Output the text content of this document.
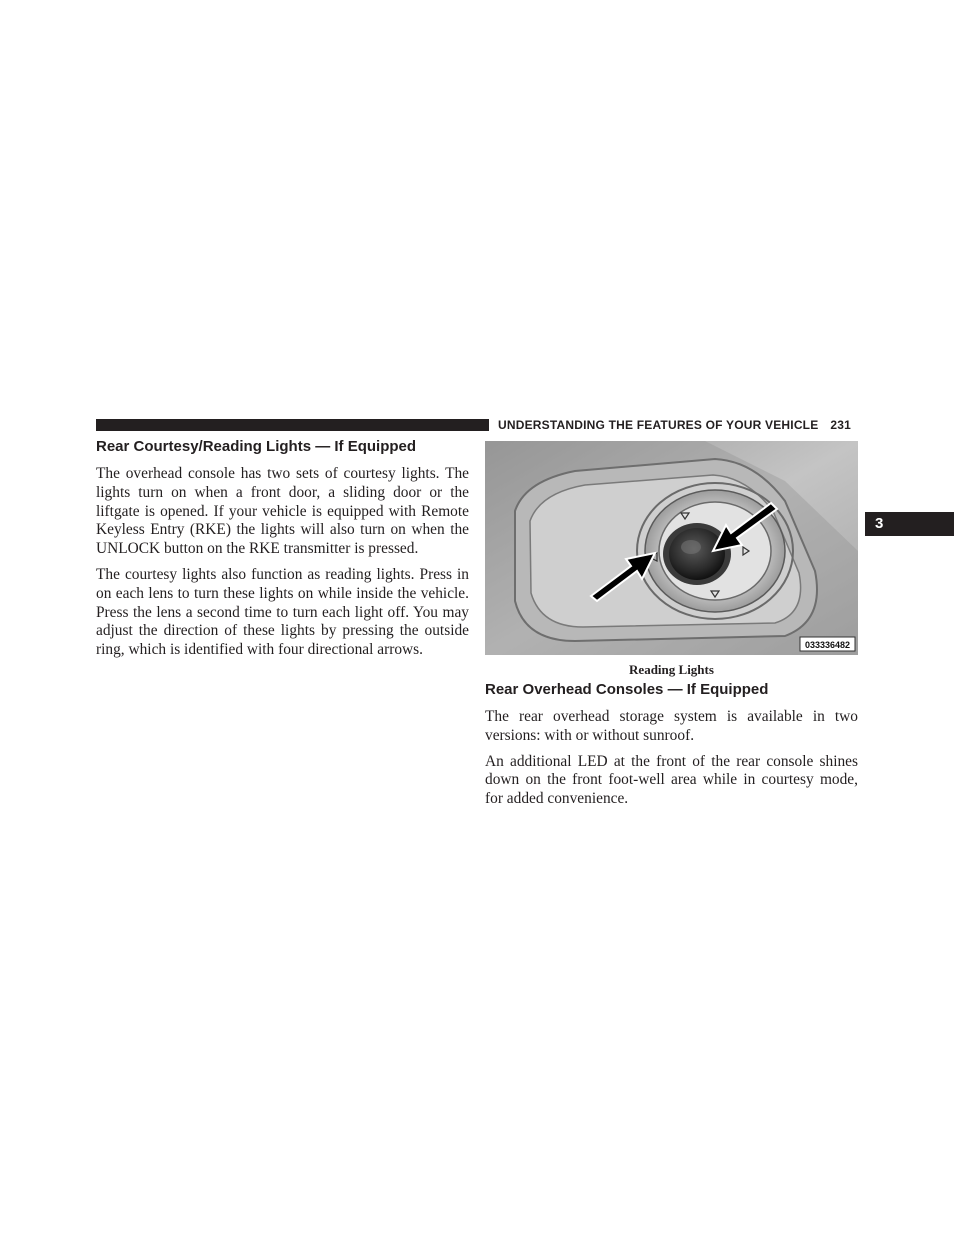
UNDERSTANDING THE FEATURES OF YOUR VEHICLE 231
3
Rear Courtesy/Reading Lights — If Equipped

The overhead console has two sets of courtesy lights. The lights turn on when a front door, a sliding door or the liftgate is opened. If your vehicle is equipped with Remote Keyless Entry (RKE) the lights will also turn on when the UNLOCK button on the RKE transmitter is pressed.

The courtesy lights also function as reading lights. Press in on each lens to turn these lights on while inside the vehicle. Press the lens a second time to turn each light off. You may adjust the direction of these lights by pressing the outside ring, which is identified with four directional arrows.	033336482
Reading Lights
Rear Overhead Consoles — If Equipped

The rear overhead storage system is available in two versions: with or without sunroof.

An additional LED at the front of the rear console shines down on the front foot-well area while in courtesy mode, for added convenience.
